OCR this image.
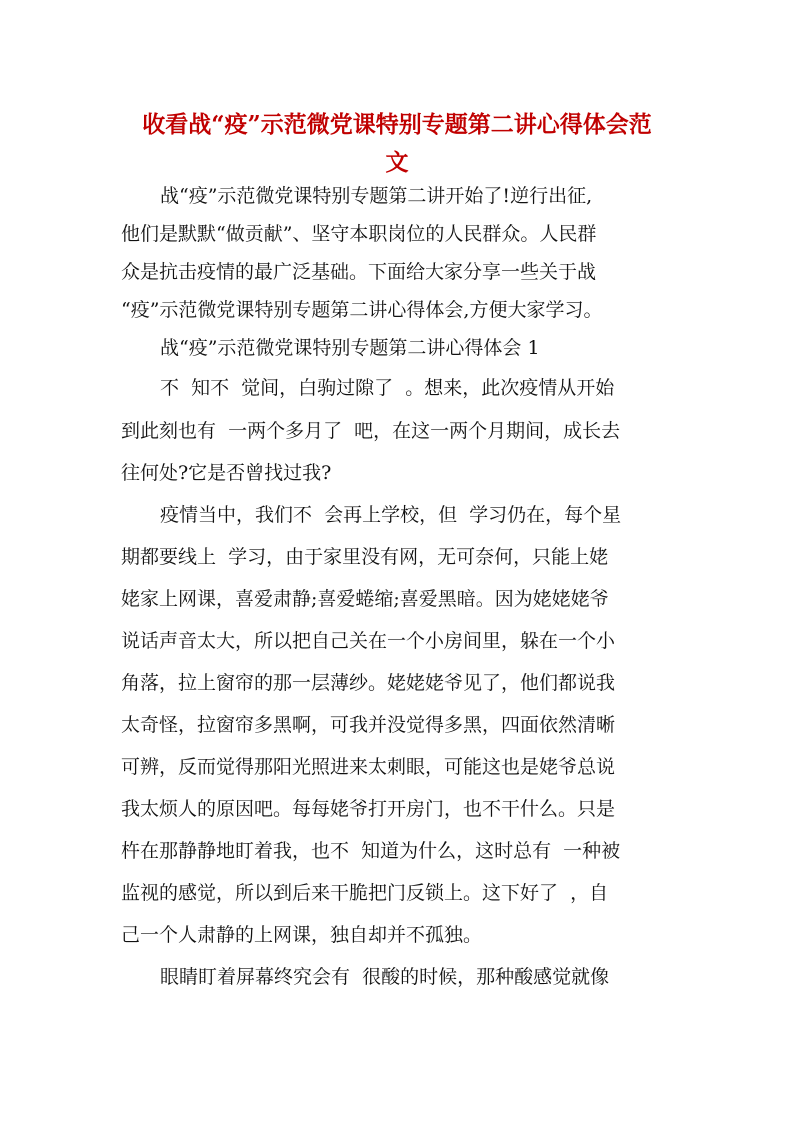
收看战“疫”示范微党课特别专题第二讲心得体会范
文

战“疫”示范微党课特别专题第二讲开始了!逆行出征,

他们是默默“做贡献”、坚守本职岗位的人民群众。人民群

众是抗击疫情的最广泛基础。下面给大家分享一些关于战

“疫”示范微党课特别专题第二讲心得体会,方便大家学习。

战“疫”示范微党课特别专题第二讲心得体会 1

不  知不  觉间，白驹过隙了  。想来，此次疫情从开始

到此刻也有  一两个多月了  吧，在这一两个月期间，成长去

往何处?它是否曾找过我?

疫情当中，我们不  会再上学校，但  学习仍在，每个星

期都要线上  学习，由于家里没有网，无可奈何，只能上姥

姥家上网课，喜爱肃静;喜爱蜷缩;喜爱黑暗。因为姥姥姥爷

说话声音太大，所以把自己关在一个小房间里，躲在一个小

角落，拉上窗帘的那一层薄纱。姥姥姥爷见了，他们都说我

太奇怪，拉窗帘多黑啊，可我并没觉得多黑，四面依然清晰

可辨，反而觉得那阳光照进来太刺眼，可能这也是姥爷总说

我太烦人的原因吧。每每姥爷打开房门，也不干什么。只是

杵在那静静地盯着我，也不  知道为什么，这时总有  一种被

监视的感觉，所以到后来干脆把门反锁上。这下好了  ，自

己一个人肃静的上网课，独自却并不孤独。

眼睛盯着屏幕终究会有  很酸的时候，那种酸感觉就像
